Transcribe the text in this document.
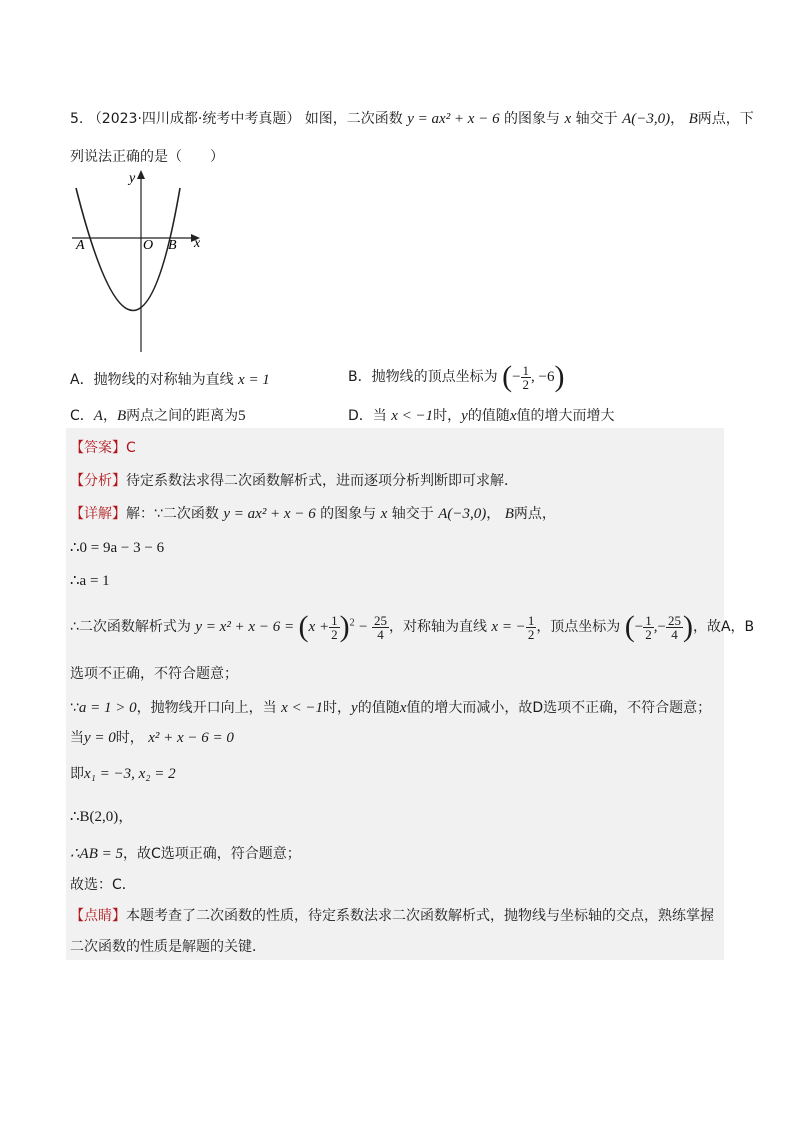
5. （2023·四川成都·统考中考真题） 如图，二次函数 y = ax² + x − 6 的图象与 x 轴交于 A(−3,0)， B两点，下
列说法正确的是（　　）
y
x
A	O B
A．抛物线的对称轴为直线 x = 1	B．抛物线的顶点坐标为 (− $\frac{1}{2}$ , −6)
C．A，B两点之间的距离为5	D．当 x < −1时，y的值随x值的增大而增大
【答案】C
【分析】待定系数法求得二次函数解析式，进而逐项分析判断即可求解．
【详解】解：∵二次函数 y = ax² + x − 6 的图象与 x 轴交于 A(−3,0)， B两点，
∴0 = 9a − 3 − 6
∴a = 1
∴二次函数解析式为 $y = x^2 + x - 6 = (x + \frac{1}{2} )^2 - \frac{25}{4}$ ，对称轴为直线 x = − $\frac{1}{2}$ ，顶点坐标为 (− $\frac{1}{2}$ ,− $\frac{25}{4}$ )，故A，B
选项不正确，不符合题意；
∵a = 1 > 0，抛物线开口向上，当 x < −1时，y的值随x值的增大而减小，故D选项不正确，不符合题意；
当y = 0时， x² + x − 6 = 0
即x₁ = −3, x₂ = 2
∴B(2,0)，
∴AB = 5，故C选项正确，符合题意；
故选：C．
【点睛】本题考查了二次函数的性质，待定系数法求二次函数解析式，抛物线与坐标轴的交点，熟练掌握
二次函数的性质是解题的关键．
